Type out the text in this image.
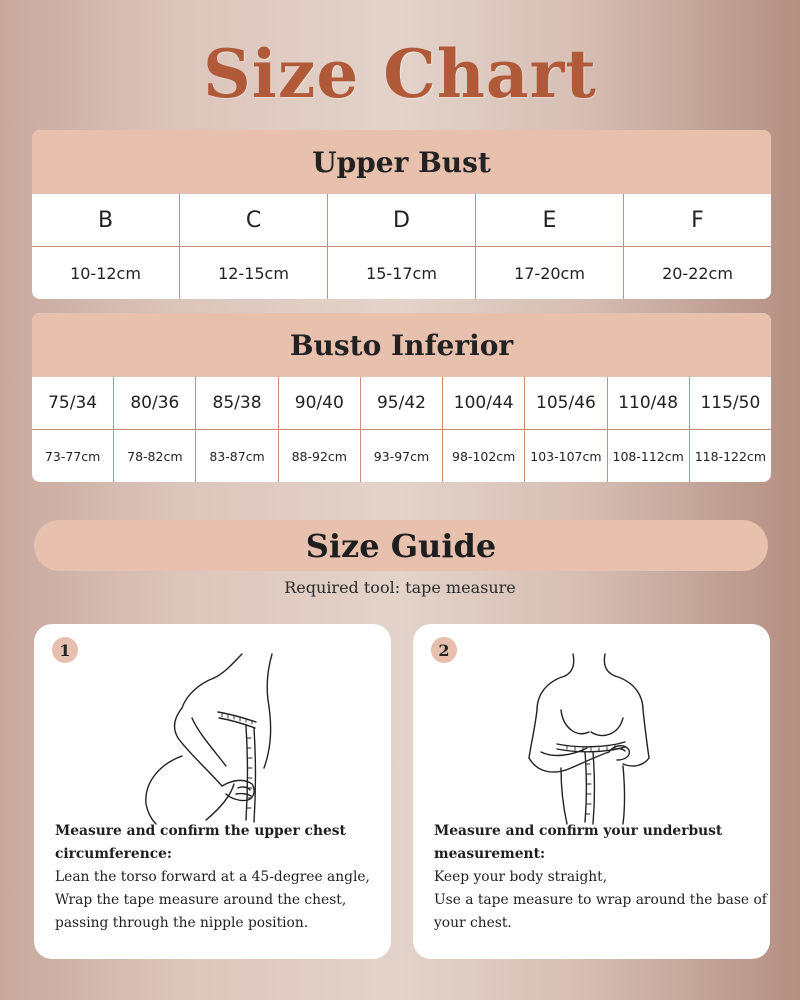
Size Chart
Upper Bust
B	C	D	E	F
10-12cm	12-15cm	15-17cm	17-20cm	20-22cm
Busto Inferior
75/34	80/36	85/38	90/40	95/42	100/44	105/46	110/48	115/50
73-77cm	78-82cm	83-87cm	88-92cm	93-97cm	98-102cm	103-107cm 108-112cm 118-122cm
Size Guide
Required tool: tape measure
1
Measure and confirm the upper chest
circumference:
Lean the torso forward at a 45-degree angle,
Wrap the tape measure around the chest,
passing through the nipple position.
2
Measure and confirm your underbust
measurement:
Keep your body straight,
Use a tape measure to wrap around the base of
your chest.
